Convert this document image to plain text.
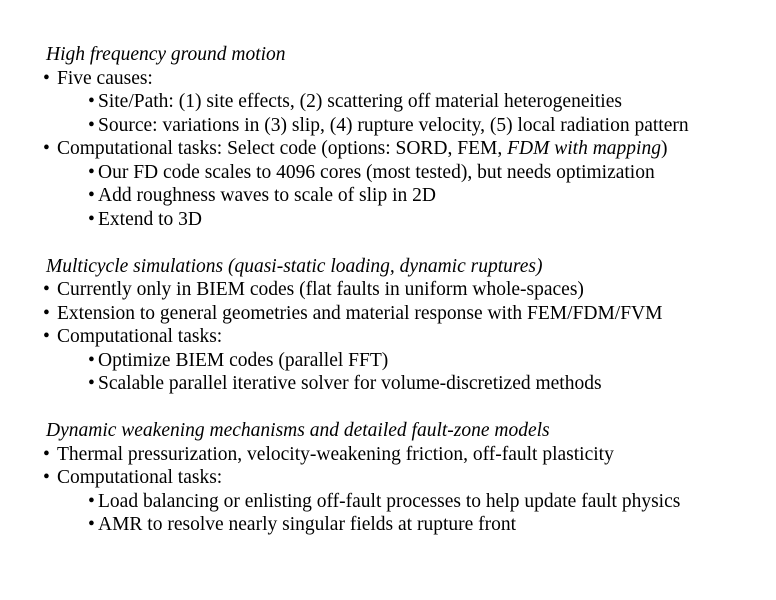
High frequency ground motion
• Five causes:
• Site/Path: (1) site effects, (2) scattering off material heterogeneities
• Source: variations in (3) slip, (4) rupture velocity, (5) local radiation pattern
• Computational tasks: Select code (options: SORD, FEM, FDM with mapping)
• Our FD code scales to 4096 cores (most tested), but needs optimization
• Add roughness waves to scale of slip in 2D
• Extend to 3D
Multicycle simulations (quasi-static loading, dynamic ruptures)
• Currently only in BIEM codes (flat faults in uniform whole-spaces)
• Extension to general geometries and material response with FEM/FDM/FVM
• Computational tasks:
• Optimize BIEM codes (parallel FFT)
• Scalable parallel iterative solver for volume-discretized methods
Dynamic weakening mechanisms and detailed fault-zone models
• Thermal pressurization, velocity-weakening friction, off-fault plasticity
• Computational tasks:
• Load balancing or enlisting off-fault processes to help update fault physics
• AMR to resolve nearly singular fields at rupture front
